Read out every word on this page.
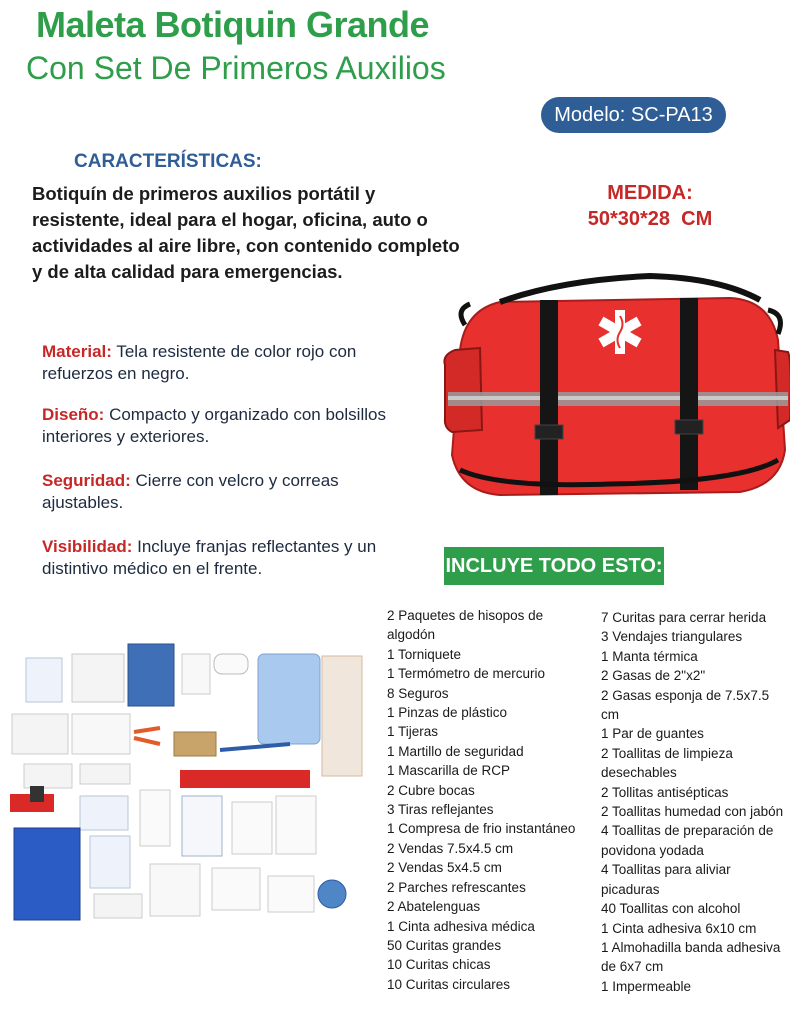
Maleta Botiquin Grande
Con Set De Primeros Auxilios
Modelo: SC-PA13
CARACTERÍSTICAS:
Botiquín de primeros auxilios portátil y resistente, ideal para el hogar, oficina, auto o actividades al aire libre, con contenido completo y de alta calidad para emergencias.
MEDIDA:
50*30*28  CM
Material: Tela resistente de color rojo con refuerzos en negro.
Diseño: Compacto y organizado con bolsillos interiores y exteriores.
Seguridad: Cierre con velcro y correas ajustables.
Visibilidad: Incluye franjas reflectantes y un distintivo médico en el frente.	INCLUYE TODO ESTO:
2 Paquetes de hisopos de
algodón
1 Torniquete
1 Termómetro de mercurio
8 Seguros
1 Pinzas de plástico
1 Tijeras
1 Martillo de seguridad
1 Mascarilla de RCP
2 Cubre bocas
3 Tiras reflejantes
1 Compresa de frio instantáneo
2 Vendas 7.5x4.5 cm
2 Vendas 5x4.5 cm
2 Parches refrescantes
2 Abatelenguas
1 Cinta adhesiva médica
50 Curitas grandes
10 Curitas chicas
10 Curitas circulares
7 Curitas para cerrar herida
3 Vendajes triangulares
1 Manta térmica
2 Gasas de 2"x2"
2 Gasas esponja de 7.5x7.5
cm
1 Par de guantes
2 Toallitas de limpieza
desechables
2 Tollitas antisépticas
2 Toallitas humedad con jabón
4 Toallitas de preparación de
povidona yodada
4 Toallitas para aliviar
picaduras
40 Toallitas con alcohol
1 Cinta adhesiva 6x10 cm
1 Almohadilla banda adhesiva
de 6x7 cm
1 Impermeable
